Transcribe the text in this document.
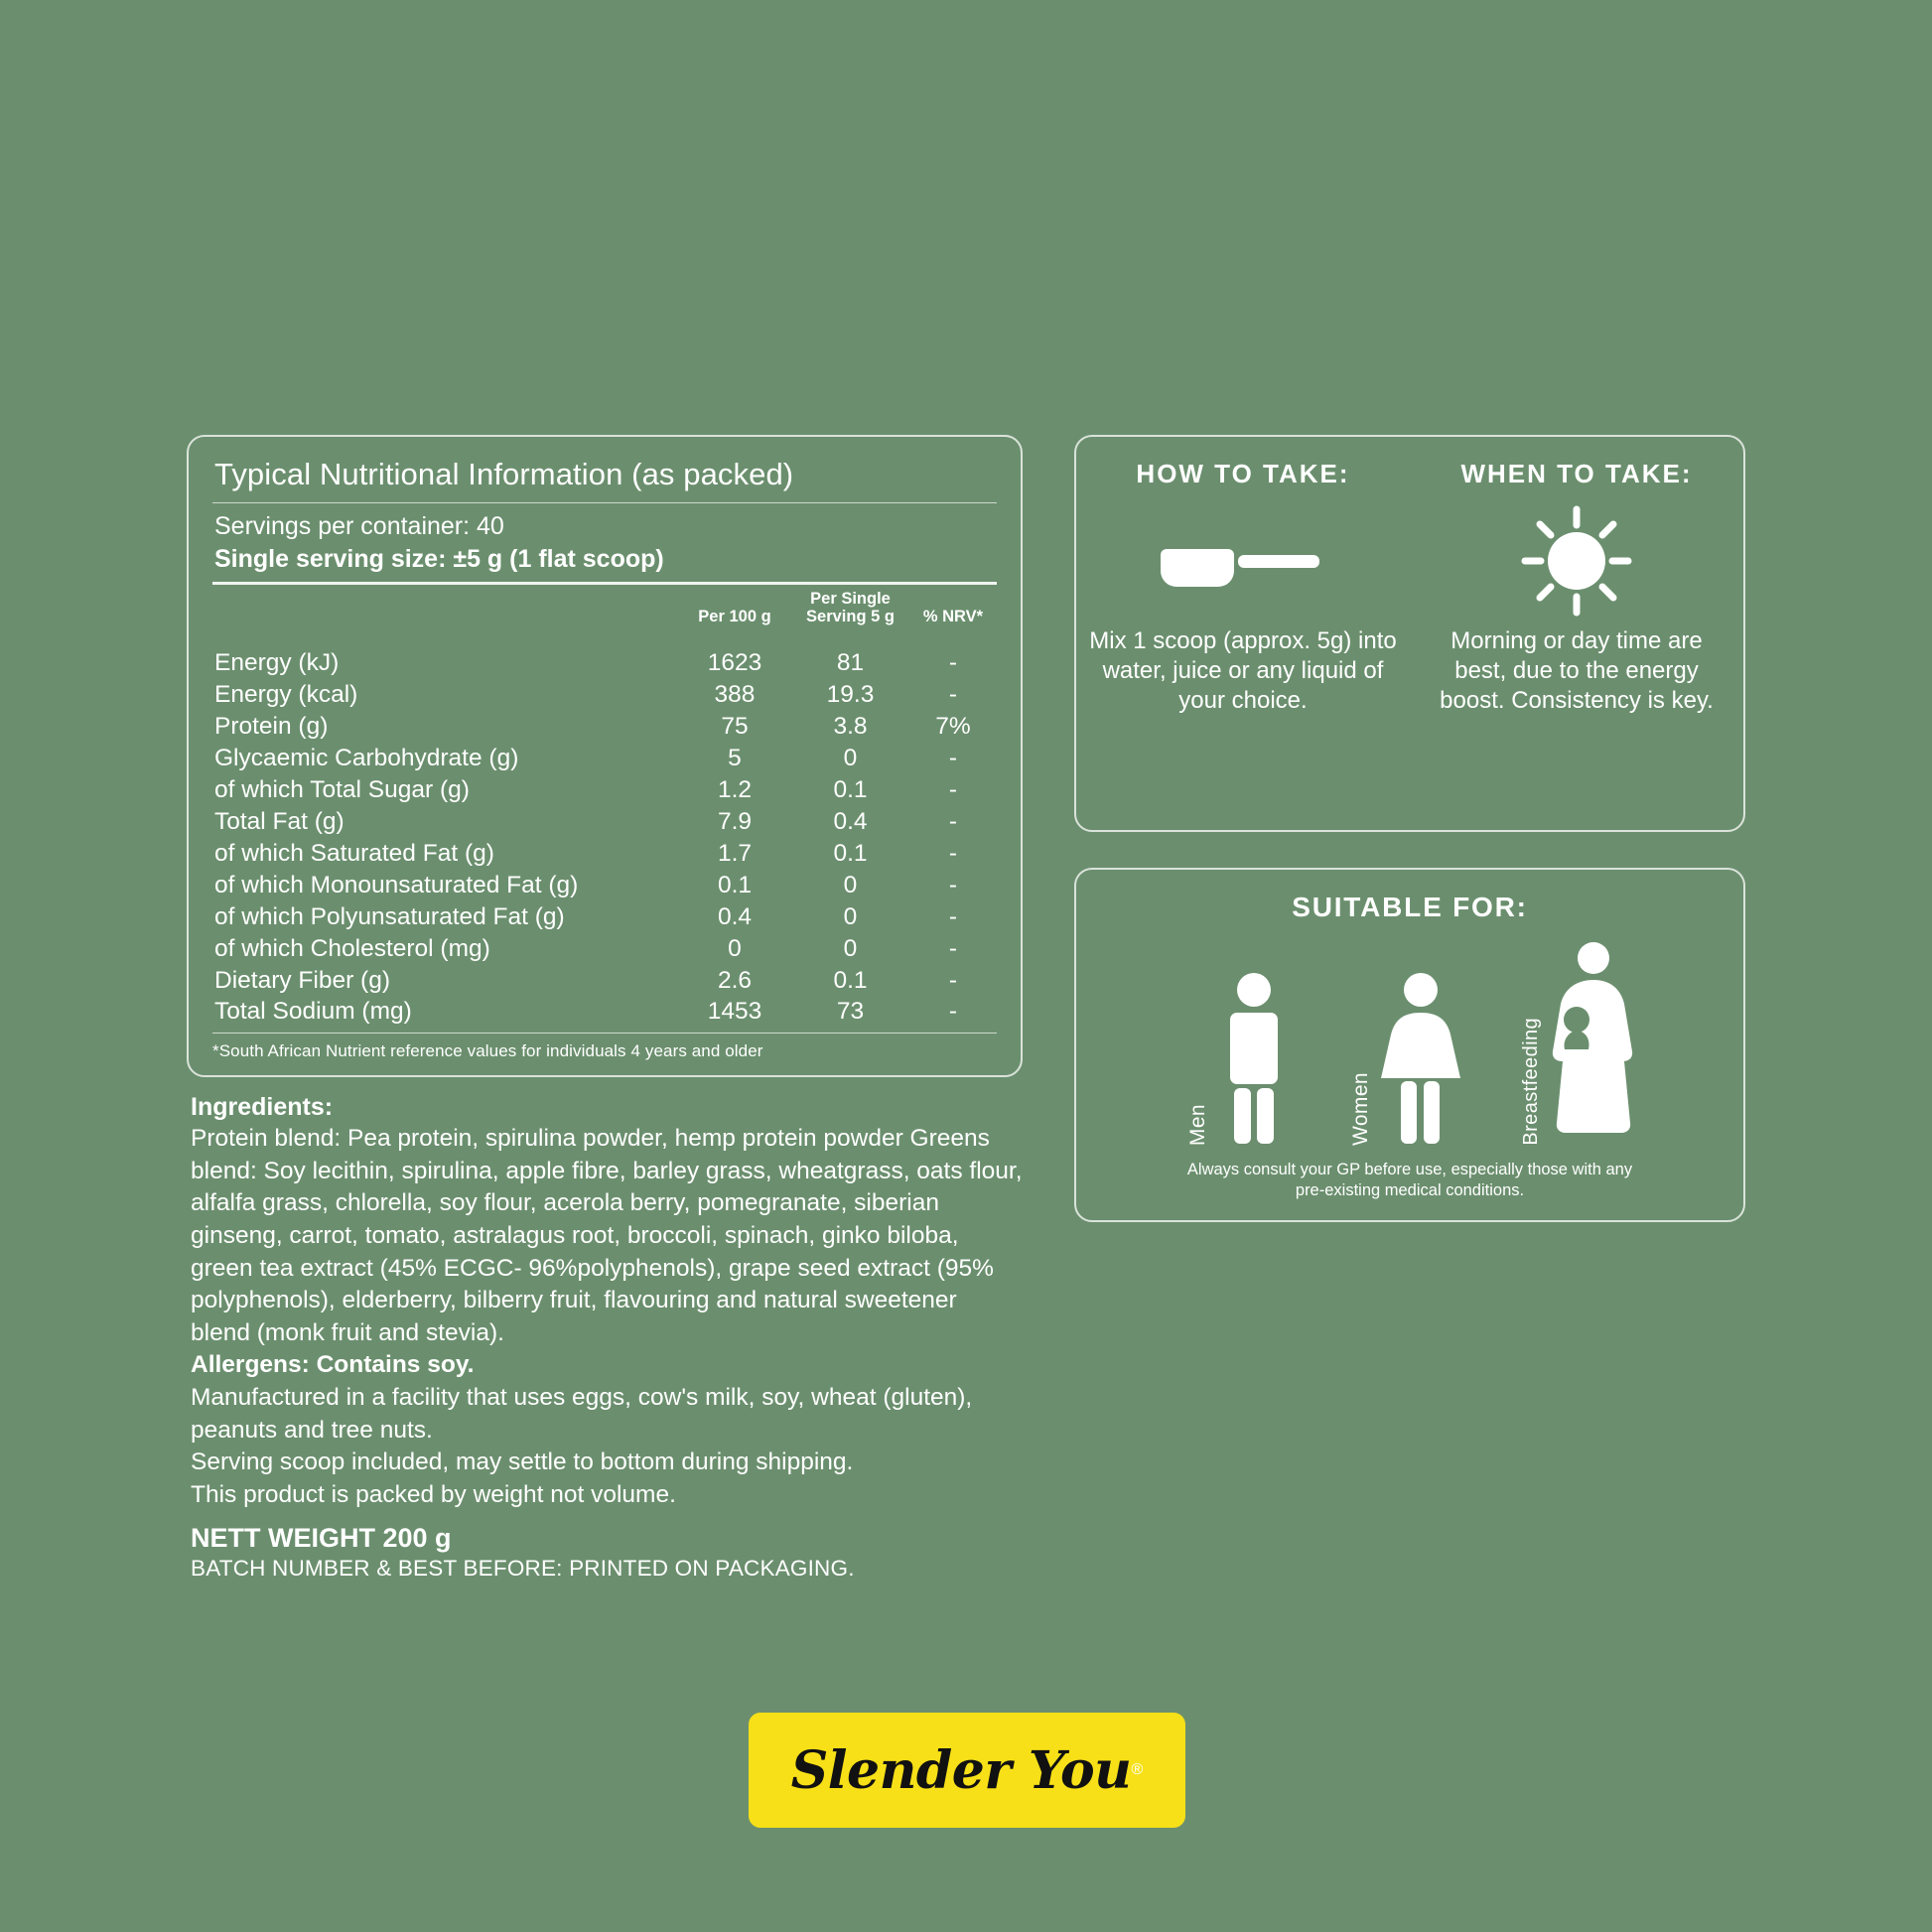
Typical Nutritional Information (as packed)
Servings per container: 40
Single serving size: ±5 g (1 flat scoop)
	Per 100 g	Per Single
Serving 5 g	% NRV*
Energy (kJ)	1623	81	-
Energy (kcal)	388	19.3	-
Protein (g)	75	3.8	7%
Glycaemic Carbohydrate (g)	5	0	-
of which Total Sugar (g)	1.2	0.1	-
Total Fat (g)	7.9	0.4	-
of which Saturated Fat (g)	1.7	0.1	-
of which Monounsaturated Fat (g)	0.1	0	-
of which Polyunsaturated Fat (g)	0.4	0	-
of which Cholesterol (mg)	0	0	-
Dietary Fiber (g)	2.6	0.1	-
Total Sodium (mg)	1453	73	-
*South African Nutrient reference values for individuals 4 years and older
Ingredients:
Protein blend: Pea protein, spirulina powder, hemp protein powder Greens blend: Soy lecithin, spirulina, apple fibre, barley grass, wheatgrass, oats flour, alfalfa grass, chlorella, soy flour, acerola berry, pomegranate, siberian ginseng, carrot, tomato, astralagus root, broccoli, spinach, ginko biloba, green tea extract (45% ECGC- 96%polyphenols), grape seed extract (95% polyphenols), elderberry, bilberry fruit, flavouring and natural sweetener blend (monk fruit and stevia).
Allergens: Contains soy.
Manufactured in a facility that uses eggs, cow's milk, soy, wheat (gluten), peanuts and tree nuts.
Serving scoop included, may settle to bottom during shipping.
This product is packed by weight not volume.
NETT WEIGHT 200 g
BATCH NUMBER & BEST BEFORE: PRINTED ON PACKAGING.
HOW TO TAKE:
Mix 1 scoop (approx. 5g) into water, juice or any liquid of your choice.
WHEN TO TAKE:
Morning or day time are best, due to the energy boost. Consistency is key.
SUITABLE FOR:
Men	Women	Breastfeeding
Always consult your GP before use, especially those with any
pre-existing medical conditions.
Slender You ®
